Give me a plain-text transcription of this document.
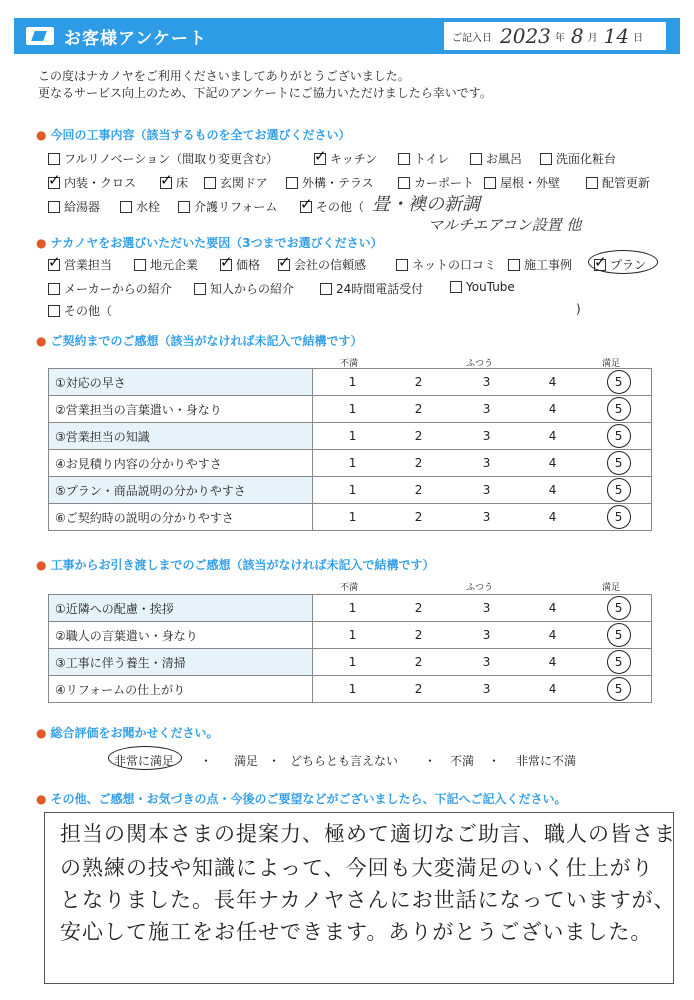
お客様アンケート	ご記入日 2023 年 8 月 14 日
この度はナカノヤをご利用くださいましてありがとうございました。
更なるサービス向上のため、下記のアンケートにご協力いただけましたら幸いです。
● 今回の工事内容（該当するものを全てお選びください）
フルリノベーション（間取り変更含む） ✓	キッチン	トイレ	お風呂	洗面化粧台
✓
内装・クロス ✓	床	玄関ドア	外構・テラス	カーポート 屋根・外壁	配管更新
給湯器	水栓	介護リフォーム ✓	その他（ 畳・襖の新調
マルチエアコン設置 他
● ナカノヤをお選びいただいた要因（3つまでお選びください）
✓
営業担当	地元企業 ✓	価格 ✓	会社の信頼感	ネットの口コミ 施工事例 ✓	プラン
メーカーからの紹介	知人からの紹介	24時間電話受付	YouTube
その他（	)
● ご契約までのご感想（該当がなければ未記入で結構です）
不満	ふつう	満足
①対応の早さ	1 2 3 4 5

②営業担当の言葉遣い・身なり	1 2 3 4 5

③営業担当の知識	1 2 3 4 5

④お見積り内容の分かりやすさ	1 2 3 4 5

⑤プラン・商品説明の分かりやすさ	1 2 3 4 5

⑥ご契約時の説明の分かりやすさ	1 2 3 4 5
● 工事からお引き渡しまでのご感想（該当がなければ未記入で結構です）
不満	ふつう	満足
①近隣への配慮・挨拶	1 2 3 4 5

②職人の言葉遣い・身なり	1 2 3 4 5

③工事に伴う養生・清掃	1 2 3 4 5

④リフォームの仕上がり	1 2 3 4 5
● 総合評価をお聞かせください。
非常に満足 ・ 満足 ・ どちらとも言えない ・ 不満 ・ 非常に不満
● その他、ご感想・お気づきの点・今後のご要望などがございましたら、下記へご記入ください。
担当の関本さまの提案力、極めて適切なご助言、職人の皆さま
の熟練の技や知識によって、今回も大変満足のいく仕上がり
となりました。長年ナカノヤさんにお世話になっていますが、
安心して施工をお任せできます。ありがとうございました。
